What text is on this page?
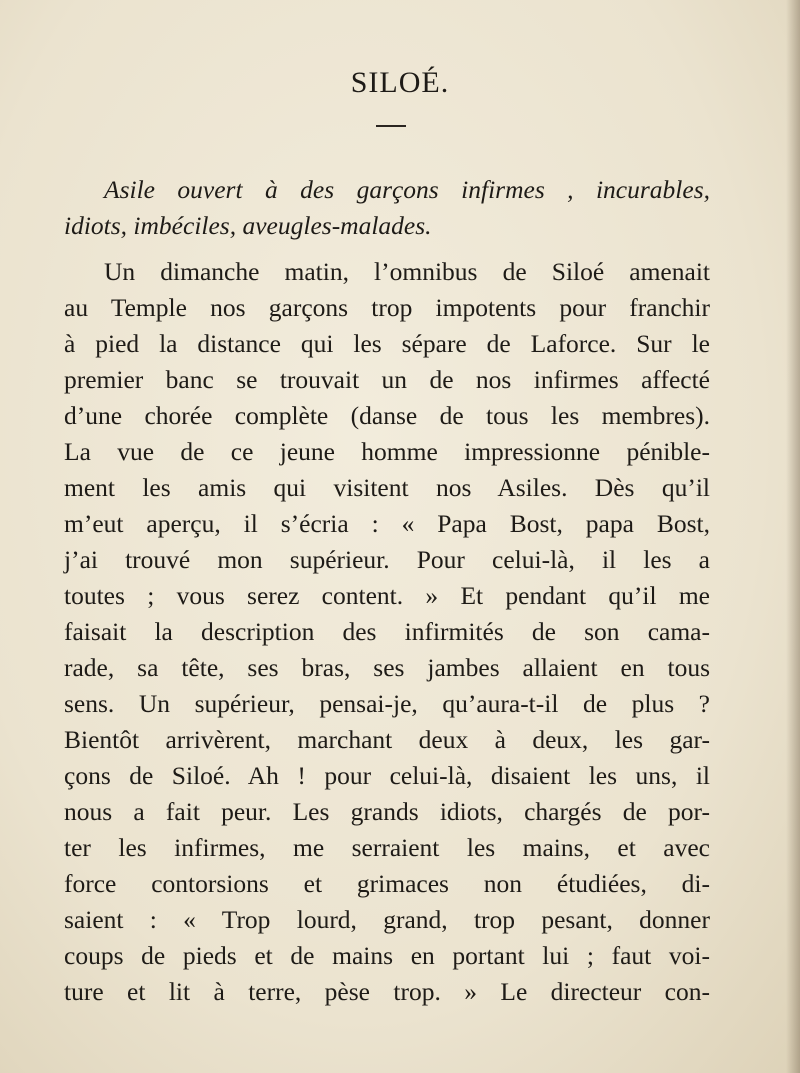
SILOÉ.
Asile ouvert à des garçons infirmes , incurables,
idiots, imbéciles, aveugles-malades.
Un dimanche matin, l’omnibus de Siloé amenait
au Temple nos garçons trop impotents pour franchir
à pied la distance qui les sépare de Laforce. Sur le
premier banc se trouvait un de nos infirmes affecté
d’une chorée complète (danse de tous les membres).
La vue de ce jeune homme impressionne pénible-
ment les amis qui visitent nos Asiles. Dès qu’il
m’eut aperçu, il s’écria : « Papa Bost, papa Bost,
j’ai trouvé mon supérieur. Pour celui-là, il les a
toutes ; vous serez content. » Et pendant qu’il me
faisait la description des infirmités de son cama-
rade, sa tête, ses bras, ses jambes allaient en tous
sens. Un supérieur, pensai-je, qu’aura-t-il de plus ?
Bientôt arrivèrent, marchant deux à deux, les gar-
çons de Siloé. Ah ! pour celui-là, disaient les uns, il
nous a fait peur. Les grands idiots, chargés de por-
ter les infirmes, me serraient les mains, et avec
force contorsions et grimaces non étudiées, di-
saient : « Trop lourd, grand, trop pesant, donner
coups de pieds et de mains en portant lui ; faut voi-
ture et lit à terre, pèse trop. » Le directeur con-
